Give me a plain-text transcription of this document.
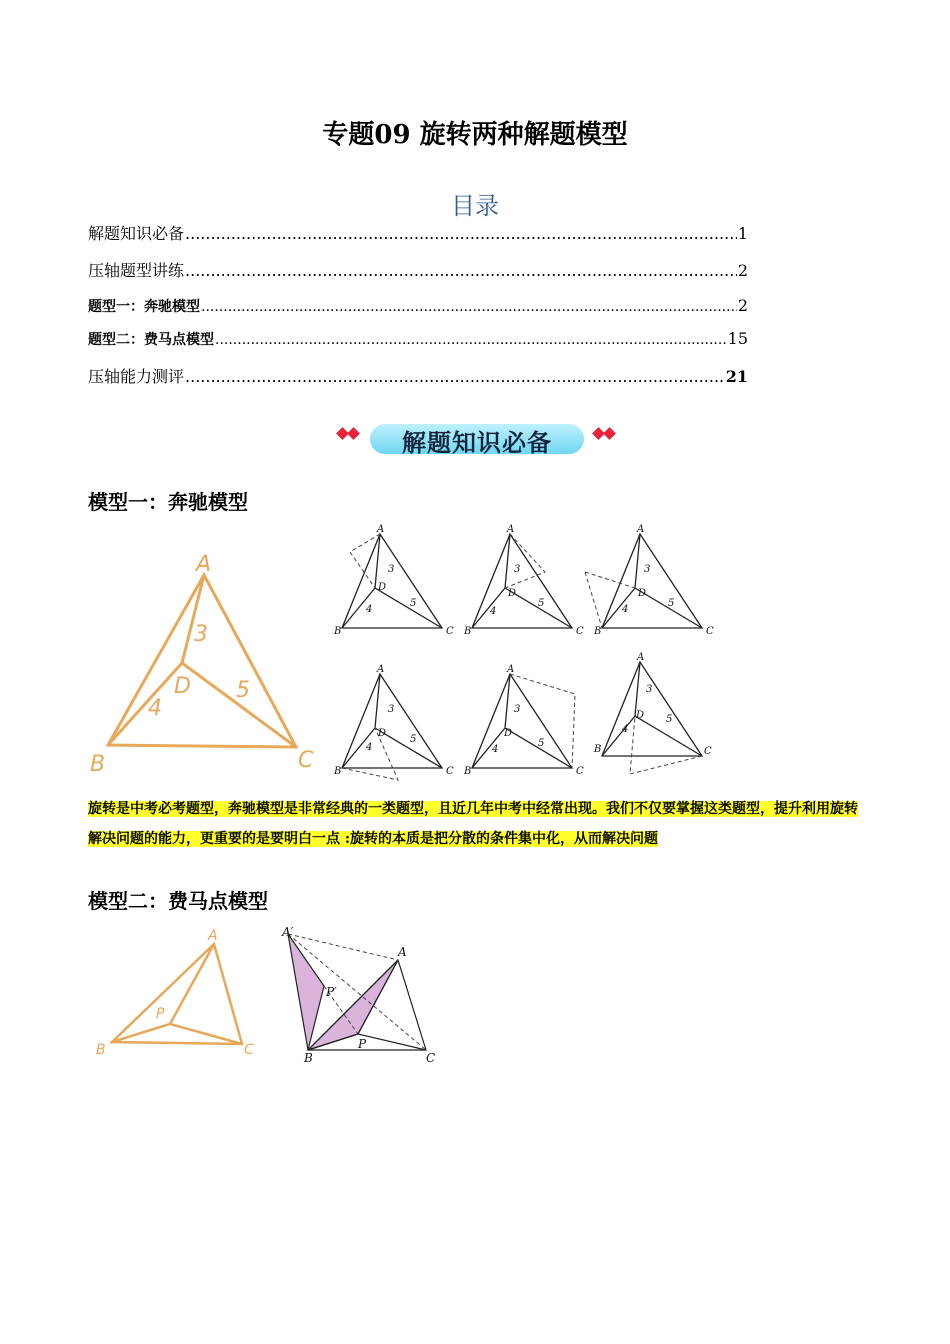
专题09 旋转两种解题模型
目录
解题知识必备 .....	1
压轴题型讲练 .....	2
题型一：奔驰模型 .....	2
题型二：费马点模型 .....	15
压轴能力测评 .....	21
解题知识必备
模型一：奔驰模型
A
B	C
D
3
4
5
A
B	C
D
3
4
5
A
B	C
D
3
4
5
A
B	C
D
3
4
5
A
B	C
D
3
4
5
A
B	C
D
3
4
5
A
B	C
D
3
4
5
旋转是中考必考题型，奔驰模型是非常经典的一类题型，且近几年中考中经常出现。我们不仅要掌握这类题型，提升利用旋转解决问题的能力，更重要的是要明白一点 :旋转的本质是把分散的条件集中化，从而解决问题
模型二：费马点模型
A
B	C
P
A′
A
B	C
P
P′
